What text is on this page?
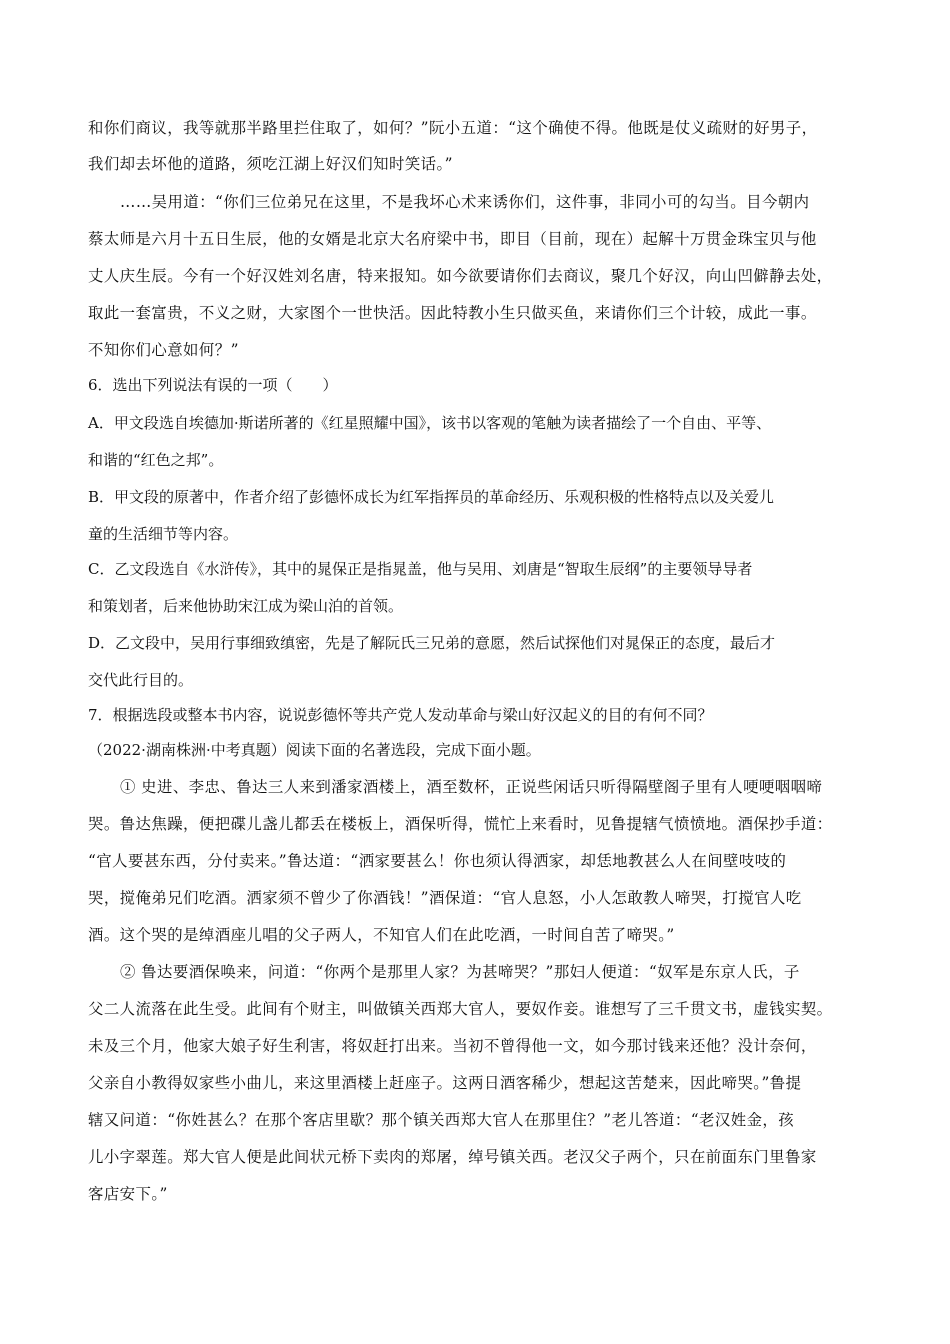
和你们商议，我等就那半路里拦住取了，如何？”阮小五道：“这个确使不得。他既是仗义疏财的好男子，
我们却去坏他的道路，须吃江湖上好汉们知时笑话。”
……吴用道：“你们三位弟兄在这里，不是我坏心术来诱你们，这件事，非同小可的勾当。目今朝内
蔡太师是六月十五日生辰，他的女婿是北京大名府梁中书，即目（目前，现在）起解十万贯金珠宝贝与他
丈人庆生辰。今有一个好汉姓刘名唐，特来报知。如今欲要请你们去商议，聚几个好汉，向山凹僻静去处，
取此一套富贵，不义之财，大家图个一世快活。因此特教小生只做买鱼，来请你们三个计较，成此一事。
不知你们心意如何？”
6．选出下列说法有误的一项（　　）
A．甲文段选自埃德加·斯诺所著的《红星照耀中国》，该书以客观的笔触为读者描绘了一个自由、平等、
和谐的“红色之邦”。
B．甲文段的原著中，作者介绍了彭德怀成长为红军指挥员的革命经历、乐观积极的性格特点以及关爱儿
童的生活细节等内容。
C．乙文段选自《水浒传》，其中的晁保正是指晁盖，他与吴用、刘唐是“智取生辰纲”的主要领导导者
和策划者，后来他协助宋江成为梁山泊的首领。
D．乙文段中，吴用行事细致缜密，先是了解阮氏三兄弟的意愿，然后试探他们对晁保正的态度，最后才
交代此行目的。
7．根据选段或整本书内容，说说彭德怀等共产党人发动革命与梁山好汉起义的目的有何不同？
（2022·湖南株洲·中考真题）阅读下面的名著选段，完成下面小题。
① 史进、李忠、鲁达三人来到潘家酒楼上，酒至数杯，正说些闲话只听得隔壁阁子里有人哽哽咽咽啼
哭。鲁达焦躁，便把碟儿盏儿都丢在楼板上，酒保听得，慌忙上来看时，见鲁提辖气愤愤地。酒保抄手道：
“官人要甚东西，分付卖来。”鲁达道：“洒家要甚么！你也须认得洒家，却恁地教甚么人在间壁吱吱的
哭，搅俺弟兄们吃酒。洒家须不曾少了你酒钱！”酒保道：“官人息怒，小人怎敢教人啼哭，打搅官人吃
酒。这个哭的是绰酒座儿唱的父子两人，不知官人们在此吃酒，一时间自苦了啼哭。”
② 鲁达要酒保唤来，问道：“你两个是那里人家？为甚啼哭？”那妇人便道：“奴军是东京人氏，子
父二人流落在此生受。此间有个财主，叫做镇关西郑大官人，要奴作妾。谁想写了三千贯文书，虚钱实契。
未及三个月，他家大娘子好生利害，将奴赶打出来。当初不曾得他一文，如今那讨钱来还他？没计奈何，
父亲自小教得奴家些小曲儿，来这里酒楼上赶座子。这两日酒客稀少，想起这苦楚来，因此啼哭。”鲁提
辖又问道：“你姓甚么？在那个客店里歇？那个镇关西郑大官人在那里住？”老儿答道：“老汉姓金，孩
儿小字翠莲。郑大官人便是此间状元桥下卖肉的郑屠，绰号镇关西。老汉父子两个，只在前面东门里鲁家
客店安下。”
